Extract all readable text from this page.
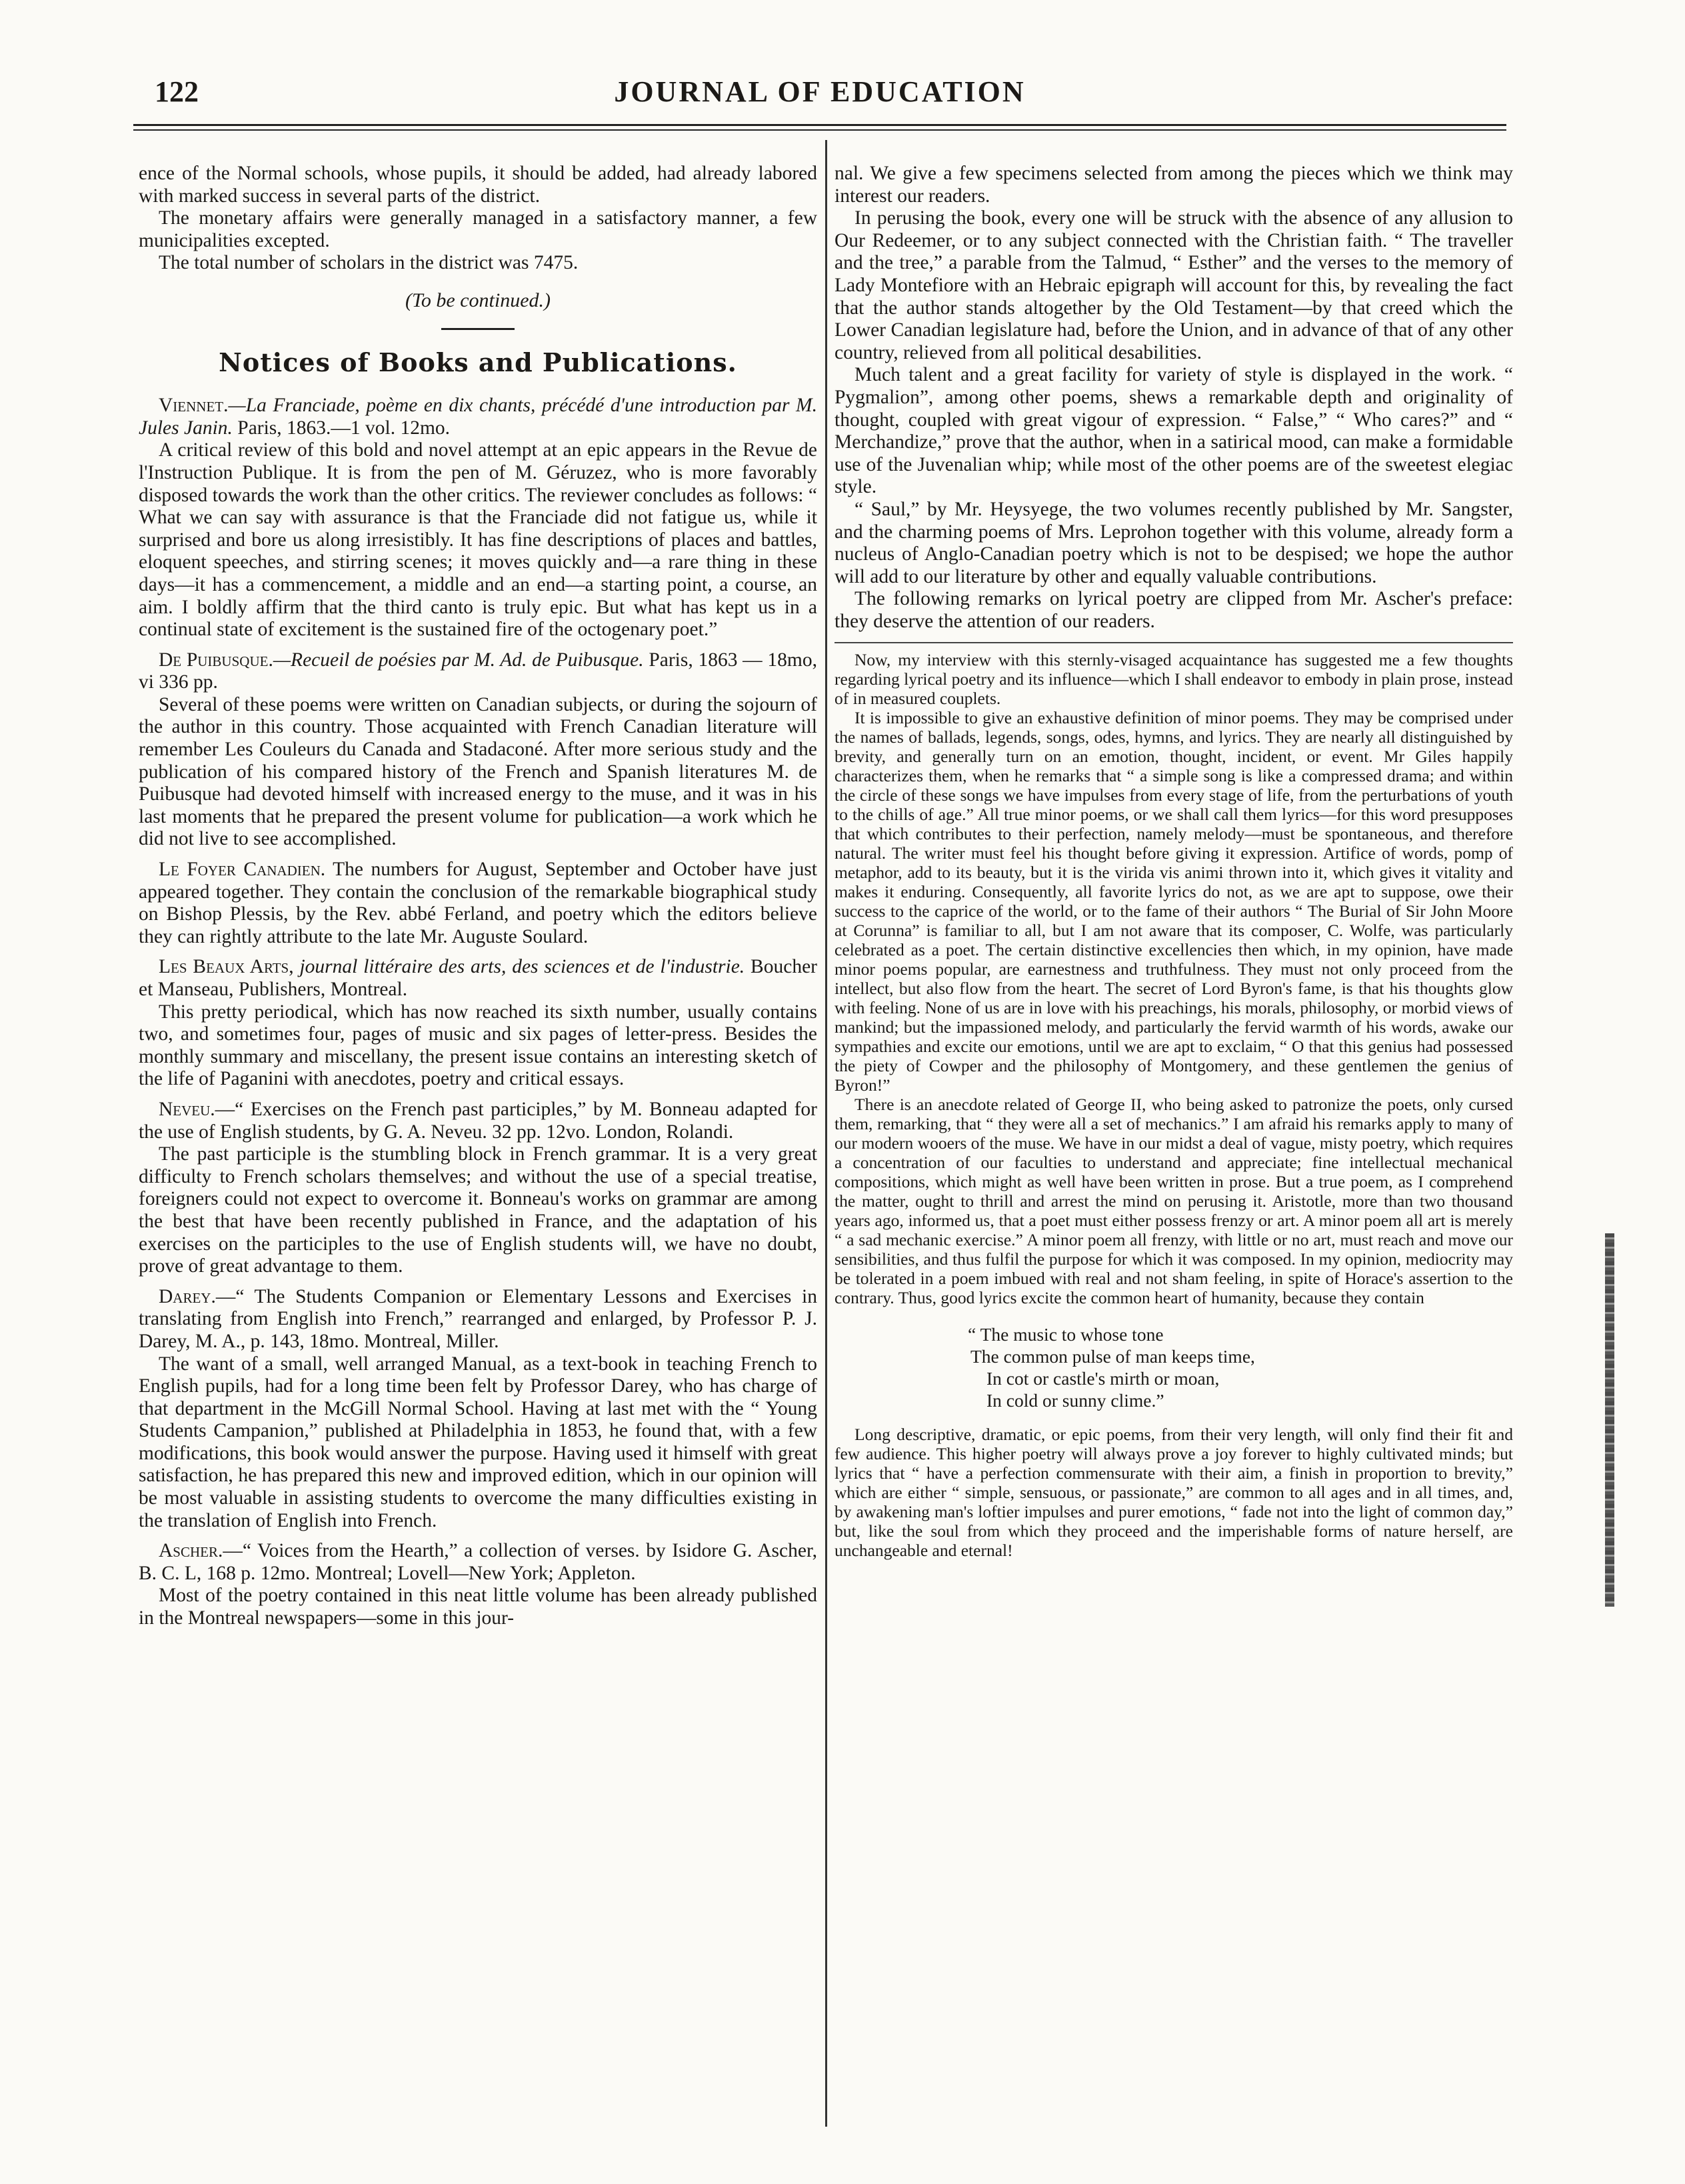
122	JOURNAL OF EDUCATION

ence of the Normal schools, whose pupils, it should be added, had already labored with marked success in several parts of the district.

The monetary affairs were generally managed in a satisfactory manner, a few municipalities excepted.

The total number of scholars in the district was 7475.

(To be continued.)

Notices of Books and Publications.

Viennet.—La Franciade, poème en dix chants, précédé d'une introduction par M. Jules Janin. Paris, 1863.—1 vol. 12mo.

A critical review of this bold and novel attempt at an epic appears in the Revue de l'Instruction Publique. It is from the pen of M. Géruzez, who is more favorably disposed towards the work than the other critics. The reviewer concludes as follows: “ What we can say with assurance is that the Franciade did not fatigue us, while it surprised and bore us along irresistibly. It has fine descriptions of places and battles, eloquent speeches, and stirring scenes; it moves quickly and—a rare thing in these days—it has a commencement, a middle and an end—a starting point, a course, an aim. I boldly affirm that the third canto is truly epic. But what has kept us in a continual state of excitement is the sustained fire of the octogenary poet.”

De Puibusque.—Recueil de poésies par M. Ad. de Puibusque. Paris, 1863 — 18mo, vi 336 pp.

Several of these poems were written on Canadian subjects, or during the sojourn of the author in this country. Those acquainted with French Canadian literature will remember Les Couleurs du Canada and Stadaconé. After more serious study and the publication of his compared history of the French and Spanish literatures M. de Puibusque had devoted himself with increased energy to the muse, and it was in his last moments that he prepared the present volume for publication—a work which he did not live to see accomplished.

Le Foyer Canadien. The numbers for August, September and October have just appeared together. They contain the conclusion of the remarkable biographical study on Bishop Plessis, by the Rev. abbé Ferland, and poetry which the editors believe they can rightly attribute to the late Mr. Auguste Soulard.

Les Beaux Arts, journal littéraire des arts, des sciences et de l'industrie. Boucher et Manseau, Publishers, Montreal.

This pretty periodical, which has now reached its sixth number, usually contains two, and sometimes four, pages of music and six pages of letter-press. Besides the monthly summary and miscellany, the present issue contains an interesting sketch of the life of Paganini with anecdotes, poetry and critical essays.

Neveu.—“ Exercises on the French past participles,” by M. Bonneau adapted for the use of English students, by G. A. Neveu. 32 pp. 12vo. London, Rolandi.

The past participle is the stumbling block in French grammar. It is a very great difficulty to French scholars themselves; and without the use of a special treatise, foreigners could not expect to overcome it. Bonneau's works on grammar are among the best that have been recently published in France, and the adaptation of his exercises on the participles to the use of English students will, we have no doubt, prove of great advantage to them.

Darey.—“ The Students Companion or Elementary Lessons and Exercises in translating from English into French,” rearranged and enlarged, by Professor P. J. Darey, M. A., p. 143, 18mo. Montreal, Miller.

The want of a small, well arranged Manual, as a text-book in teaching French to English pupils, had for a long time been felt by Professor Darey, who has charge of that department in the McGill Normal School. Having at last met with the “ Young Students Campanion,” published at Philadelphia in 1853, he found that, with a few modifications, this book would answer the purpose. Having used it himself with great satisfaction, he has prepared this new and improved edition, which in our opinion will be most valuable in assisting students to overcome the many difficulties existing in the translation of English into French.

Ascher.—“ Voices from the Hearth,” a collection of verses. by Isidore G. Ascher, B. C. L, 168 p. 12mo. Montreal; Lovell—New York; Appleton.

Most of the poetry contained in this neat little volume has been already published in the Montreal newspapers—some in this jour-

nal. We give a few specimens selected from among the pieces which we think may interest our readers.

In perusing the book, every one will be struck with the absence of any allusion to Our Redeemer, or to any subject connected with the Christian faith. “ The traveller and the tree,” a parable from the Talmud, “ Esther” and the verses to the memory of Lady Montefiore with an Hebraic epigraph will account for this, by revealing the fact that the author stands altogether by the Old Testament—by that creed which the Lower Canadian legislature had, before the Union, and in advance of that of any other country, relieved from all political desabilities.

Much talent and a great facility for variety of style is displayed in the work. “ Pygmalion”, among other poems, shews a remarkable depth and originality of thought, coupled with great vigour of expression. “ False,” “ Who cares?” and “ Merchandize,” prove that the author, when in a satirical mood, can make a formidable use of the Juvenalian whip; while most of the other poems are of the sweetest elegiac style.

“ Saul,” by Mr. Heysyege, the two volumes recently published by Mr. Sangster, and the charming poems of Mrs. Leprohon together with this volume, already form a nucleus of Anglo-Canadian poetry which is not to be despised; we hope the author will add to our literature by other and equally valuable contributions.

The following remarks on lyrical poetry are clipped from Mr. Ascher's preface: they deserve the attention of our readers.

Now, my interview with this sternly-visaged acquaintance has suggested me a few thoughts regarding lyrical poetry and its influence—which I shall endeavor to embody in plain prose, instead of in measured couplets.

It is impossible to give an exhaustive definition of minor poems. They may be comprised under the names of ballads, legends, songs, odes, hymns, and lyrics. They are nearly all distinguished by brevity, and generally turn on an emotion, thought, incident, or event. Mr Giles happily characterizes them, when he remarks that “ a simple song is like a compressed drama; and within the circle of these songs we have impulses from every stage of life, from the perturbations of youth to the chills of age.” All true minor poems, or we shall call them lyrics—for this word presupposes that which contributes to their perfection, namely melody—must be spontaneous, and therefore natural. The writer must feel his thought before giving it expression. Artifice of words, pomp of metaphor, add to its beauty, but it is the virida vis animi thrown into it, which gives it vitality and makes it enduring. Consequently, all favorite lyrics do not, as we are apt to suppose, owe their success to the caprice of the world, or to the fame of their authors “ The Burial of Sir John Moore at Corunna” is familiar to all, but I am not aware that its composer, C. Wolfe, was particularly celebrated as a poet. The certain distinctive excellencies then which, in my opinion, have made minor poems popular, are earnestness and truthfulness. They must not only proceed from the intellect, but also flow from the heart. The secret of Lord Byron's fame, is that his thoughts glow with feeling. None of us are in love with his preachings, his morals, philosophy, or morbid views of mankind; but the impassioned melody, and particularly the fervid warmth of his words, awake our sympathies and excite our emotions, until we are apt to exclaim, “ O that this genius had possessed the piety of Cowper and the philosophy of Montgomery, and these gentlemen the genius of Byron!”

There is an anecdote related of George II, who being asked to patronize the poets, only cursed them, remarking, that “ they were all a set of mechanics.” I am afraid his remarks apply to many of our modern wooers of the muse. We have in our midst a deal of vague, misty poetry, which requires a concentration of our faculties to understand and appreciate; fine intellectual mechanical compositions, which might as well have been written in prose. But a true poem, as I comprehend the matter, ought to thrill and arrest the mind on perusing it. Aristotle, more than two thousand years ago, informed us, that a poet must either possess frenzy or art. A minor poem all art is merely “ a sad mechanic exercise.” A minor poem all frenzy, with little or no art, must reach and move our sensibilities, and thus fulfil the purpose for which it was composed. In my opinion, mediocrity may be tolerated in a poem imbued with real and not sham feeling, in spite of Horace's assertion to the contrary. Thus, good lyrics excite the common heart of humanity, because they contain

“ The music to whose tone
The common pulse of man keeps time,
In cot or castle's mirth or moan,
In cold or sunny clime.”

Long descriptive, dramatic, or epic poems, from their very length, will only find their fit and few audience. This higher poetry will always prove a joy forever to highly cultivated minds; but lyrics that “ have a perfection commensurate with their aim, a finish in proportion to brevity,” which are either “ simple, sensuous, or passionate,” are common to all ages and in all times, and, by awakening man's loftier impulses and purer emotions, “ fade not into the light of common day,” but, like the soul from which they proceed and the imperishable forms of nature herself, are unchangeable and eternal!
